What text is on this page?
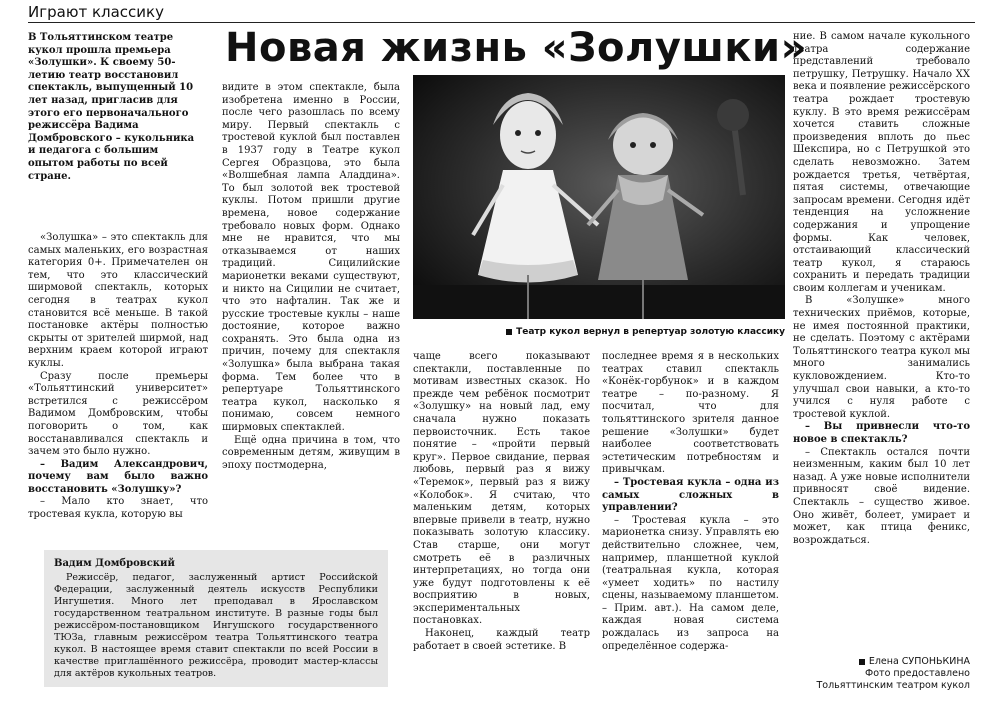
Играют классику
Новая жизнь «Золушки»
В Тольяттинском театре кукол прошла премьера «Золушки». К своему 50-летию театр восстановил спектакль, выпущенный 10 лет назад, пригласив для этого его первоначального режиссёра Вадима Домбровского – кукольника и педагога с большим опытом работы по всей стране.

«Золушка» – это спектакль для самых маленьких, его возрастная категория 0+. Примечателен он тем, что это классический ширмовой спектакль, которых сегодня в театрах кукол становится всё меньше. В такой постановке актёры полностью скрыты от зрителей ширмой, над верхним краем которой играют куклы.

Сразу после премьеры «Тольяттинский университет» встретился с режиссёром Вадимом Домбровским, чтобы поговорить о том, как восстанавливался спектакль и зачем это было нужно.

– Вадим Александрович, почему вам было важно восстановить «Золушку»?

– Мало кто знает, что тростевая кукла, которую вы

видите в этом спектакле, была изобретена именно в России, после чего разошлась по всему миру. Первый спектакль с тростевой куклой был поставлен в 1937 году в Театре кукол Сергея Образцова, это была «Волшебная лампа Аладдина». То был золотой век тростевой куклы. Потом пришли другие времена, новое содержание требовало новых форм. Однако мне не нравится, что мы отказываемся от наших традиций. Сицилийские марионетки веками существуют, и никто на Сицилии не считает, что это нафталин. Так же и русские тростевые куклы – наше достояние, которое важно сохранять. Это была одна из причин, почему для спектакля «Золушка» была выбрана такая форма. Тем более что в репертуаре Тольяттинского театра кукол, насколько я понимаю, совсем немного ширмовых спектаклей.

Ещё одна причина в том, что современным детям, живущим в эпоху постмодерна,

чаще всего показывают спектакли, поставленные по мотивам известных сказок. Но прежде чем ребёнок посмотрит «Золушку» на новый лад, ему сначала нужно показать первоисточник. Есть такое понятие – «пройти первый круг». Первое свидание, первая любовь, первый раз я вижу «Теремок», первый раз я вижу «Колобок». Я считаю, что маленьким детям, которых впервые привели в театр, нужно показывать золотую классику. Став старше, они могут смотреть её в различных интерпретациях, но тогда они уже будут подготовлены к её восприятию в новых, экспериментальных постановках.

Наконец, каждый театр работает в своей эстетике. В

последнее время я в нескольких театрах ставил спектакль «Конёк-горбунок» и в каждом театре – по-разному. Я посчитал, что для тольяттинского зрителя данное решение «Золушки» будет наиболее соответствовать эстетическим потребностям и привычкам.

– Тростевая кукла – одна из самых сложных в управлении?

– Тростевая кукла – это марионетка снизу. Управлять ею действительно сложнее, чем, например, планшетной куклой (театральная кукла, которая «умеет ходить» по настилу сцены, называемому планшетом. – Прим. авт.). На самом деле, каждая новая система рождалась из запроса на определённое содержа-

ние. В самом начале кукольного театра содержание представлений требовало петрушку, Петрушку. Начало ХХ века и появление режиссёрского театра рождает тростевую куклу. В это время режиссёрам хочется ставить сложные произведения вплоть до пьес Шекспира, но с Петрушкой это сделать невозможно. Затем рождается третья, четвёртая, пятая системы, отвечающие запросам времени. Сегодня идёт тенденция на усложнение содержания и упрощение формы. Как человек, отстаивающий классический театр кукол, я стараюсь сохранить и передать традиции своим коллегам и ученикам.

В «Золушке» много технических приёмов, которые, не имея постоянной практики, не сделать. Поэтому с актёрами Тольяттинского театра кукол мы много занимались кукловождением. Кто-то улучшал свои навыки, а кто-то учился с нуля работе с тростевой куклой.

– Вы привнесли что-то новое в спектакль?

– Спектакль остался почти неизменным, каким был 10 лет назад. А уже новые исполнители привносят своё видение. Спектакль – существо живое. Оно живёт, болеет, умирает и может, как птица феникс, возрождаться.

Театр кукол вернул в репертуар золотую классику
Вадим Домбровский

Режиссёр, педагог, заслуженный артист Российской Федерации, заслуженный деятель искусств Республики Ингушетия. Много лет преподавал в Ярославском государственном театральном институте. В разные годы был режиссёром-постановщиком Ингушского государственного ТЮЗа, главным режиссёром театра Тольяттинского театра кукол. В настоящее время ставит спектакли по всей России в качестве приглашённого режиссёра, проводит мастер-классы для актёров кукольных театров.

Елена СУПОНЬКИНА
Фото предоставлено
Тольяттинским театром кукол
